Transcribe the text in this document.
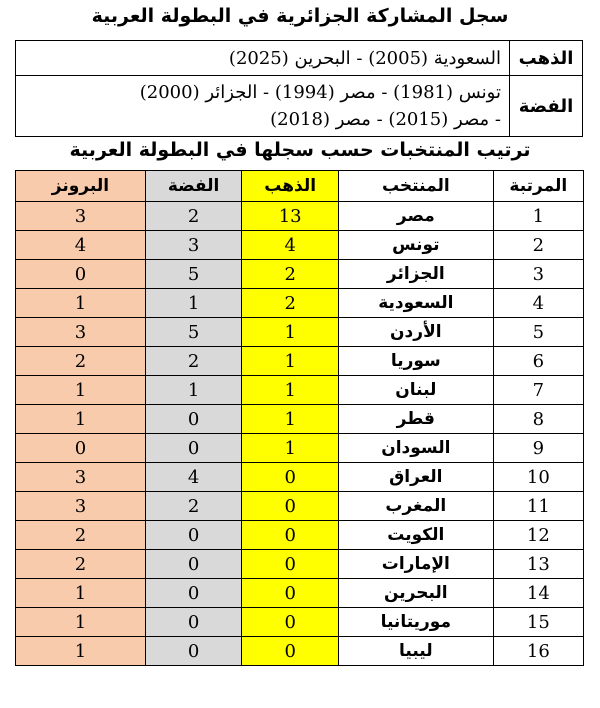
سجل المشاركة الجزائرية في البطولة العربية
الذهب	السعودية (2005) - البحرين (2025)

الفضة	تونس (1981) - مصر (1994) - الجزائر (2000)
- مصر (2015) - مصر (2018)
ترتيب المنتخبات حسب سجلها في البطولة العربية
المرتبة	المنتخب	الذهب	الفضة	البرونز
1	مصر	13	2	3
2	تونس	4	3	4
3	الجزائر	2	5	0
4	السعودية	2	1	1
5	الأردن	1	5	3
6	سوريا	1	2	2
7	لبنان	1	1	1
8	قطر	1	0	1
9	السودان	1	0	0
10	العراق	0	4	3
11	المغرب	0	2	3
12	الكويت	0	0	2
13	الإمارات	0	0	2
14	البحرين	0	0	1
15	موريتانيا	0	0	1
16	ليبيا	0	0	1
